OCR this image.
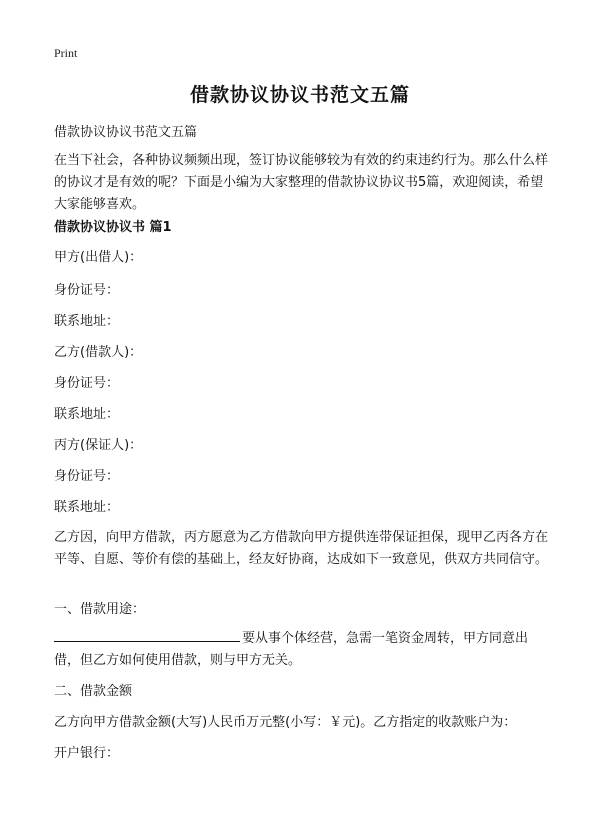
Print
借款协议协议书范文五篇
借款协议协议书范文五篇

在当下社会，各种协议频频出现，签订协议能够较为有效的约束违约行为。那么什么样的协议才是有效的呢？下面是小编为大家整理的借款协议协议书5篇，欢迎阅读，希望大家能够喜欢。

借款协议协议书 篇1

甲方(出借人)：

身份证号：

联系地址：

乙方(借款人)：

身份证号：

联系地址：

丙方(保证人)：

身份证号：

联系地址：

乙方因，向甲方借款，丙方愿意为乙方借款向甲方提供连带保证担保，现甲乙丙各方在平等、自愿、等价有偿的基础上，经友好协商，达成如下一致意见，供双方共同信守。

一、借款用途：

要从事个体经营，急需一笔资金周转，甲方同意出借，但乙方如何使用借款，则与甲方无关。

二、借款金额

乙方向甲方借款金额(大写)人民币万元整(小写：￥元)。乙方指定的收款账户为：

开户银行：
